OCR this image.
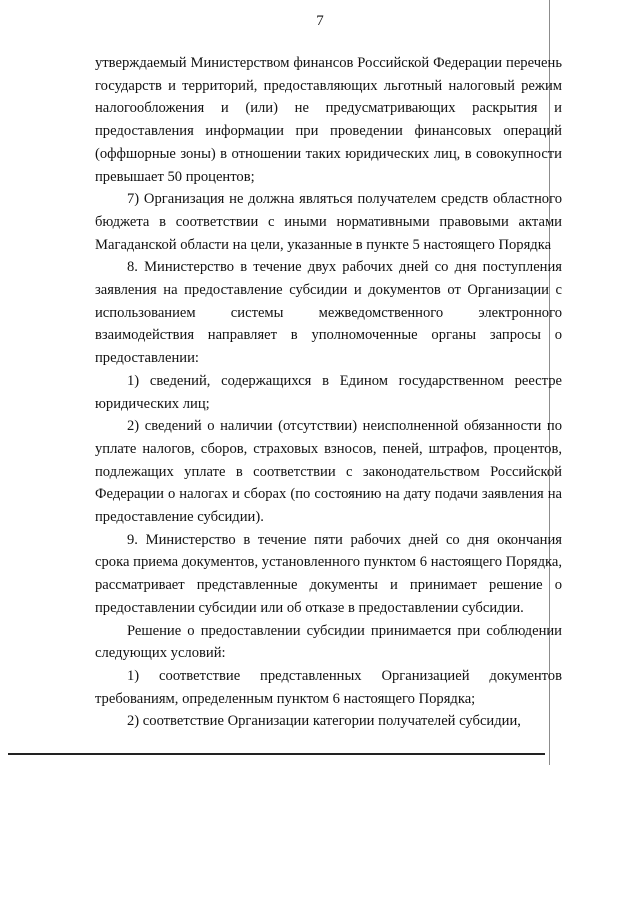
7

утверждаемый Министерством финансов Российской Федерации перечень государств и территорий, предоставляющих льготный налоговый режим налогообложения и (или) не предусматривающих раскрытия и предоставления информации при проведении финансовых операций (оффшорные зоны) в отношении таких юридических лиц, в совокупности превышает 50 процентов;

7) Организация не должна являться получателем средств областного бюджета в соответствии с иными нормативными правовыми актами Магаданской области на цели, указанные в пункте 5 настоящего Порядка

8. Министерство в течение двух рабочих дней со дня поступления заявления на предоставление субсидии и документов от Организации с использованием системы межведомственного электронного взаимодействия направляет в уполномоченные органы запросы о предоставлении:

1) сведений, содержащихся в Едином государственном реестре юридических лиц;

2) сведений о наличии (отсутствии) неисполненной обязанности по уплате налогов, сборов, страховых взносов, пеней, штрафов, процентов, подлежащих уплате в соответствии с законодательством Российской Федерации о налогах и сборах (по состоянию на дату подачи заявления на предоставление субсидии).

9. Министерство в течение пяти рабочих дней со дня окончания срока приема документов, установленного пунктом 6 настоящего Порядка, рассматривает представленные документы и принимает решение о предоставлении субсидии или об отказе в предоставлении субсидии.

Решение о предоставлении субсидии принимается при соблюдении следующих условий:

1) соответствие представленных Организацией документов требованиям, определенным пунктом 6 настоящего Порядка;

2) соответствие Организации категории получателей субсидии,
